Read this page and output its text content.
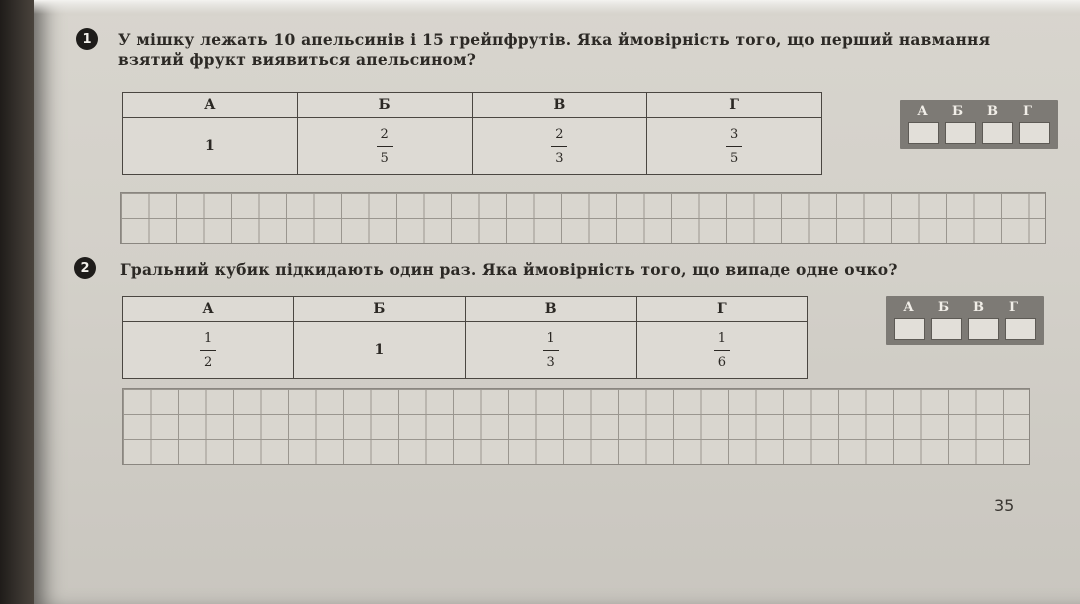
1 У мішку лежать 10 апельсинів і 15 грейпфрутів. Яка ймовірність того, що перший навмання
взятий фрукт виявиться апельсином?
А	Б	В	Г
1	$\frac{2}{5}$	$\frac{2}{3}$	$\frac{3}{5}$
А	Б	В	Г
2 Гральний кубик підкидають один раз. Яка ймовірність того, що випаде одне очко?
А	Б	В	Г

$\frac{1}{2}$	1	$\frac{1}{3}$	$\frac{1}{6}$
А	Б	В	Г
35
